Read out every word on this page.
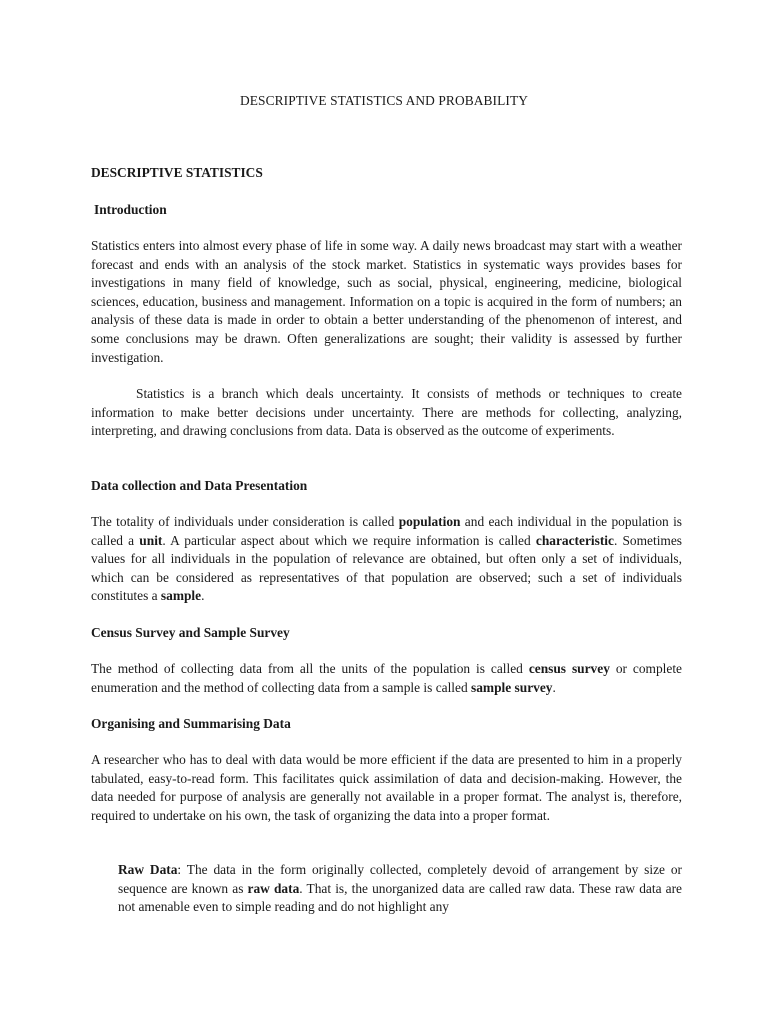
DESCRIPTIVE STATISTICS AND PROBABILITY
DESCRIPTIVE STATISTICS
Introduction
Statistics enters into almost every phase of life in some way. A daily news broadcast may start with a weather forecast and ends with an analysis of the stock market. Statistics in systematic ways provides bases for investigations in many field of knowledge, such as social, physical, engineering, medicine, biological sciences, education, business and management. Information on a topic is acquired in the form of numbers; an analysis of these data is made in order to obtain a better understanding of the phenomenon of interest, and some conclusions may be drawn. Often generalizations are sought; their validity is assessed by further investigation.
Statistics is a branch which deals uncertainty. It consists of methods or techniques to create information to make better decisions under uncertainty. There are methods for collecting, analyzing, interpreting, and drawing conclusions from data. Data is observed as the outcome of experiments.
Data collection and Data Presentation
The totality of individuals under consideration is called population and each individual in the population is called a unit. A particular aspect about which we require information is called characteristic. Sometimes values for all individuals in the population of relevance are obtained, but often only a set of individuals, which can be considered as representatives of that population are observed; such a set of individuals constitutes a sample.
Census Survey and Sample Survey
The method of collecting data from all the units of the population is called census survey or complete enumeration and the method of collecting data from a sample is called sample survey.
Organising and Summarising Data
A researcher who has to deal with data would be more efficient if the data are presented to him in a properly tabulated, easy-to-read form. This facilitates quick assimilation of data and decision-making. However, the data needed for purpose of analysis are generally not available in a proper format. The analyst is, therefore, required to undertake on his own, the task of organizing the data into a proper format.
Raw Data: The data in the form originally collected, completely devoid of arrangement by size or sequence are known as raw data. That is, the unorganized data are called raw data. These raw data are not amenable even to simple reading and do not highlight any
